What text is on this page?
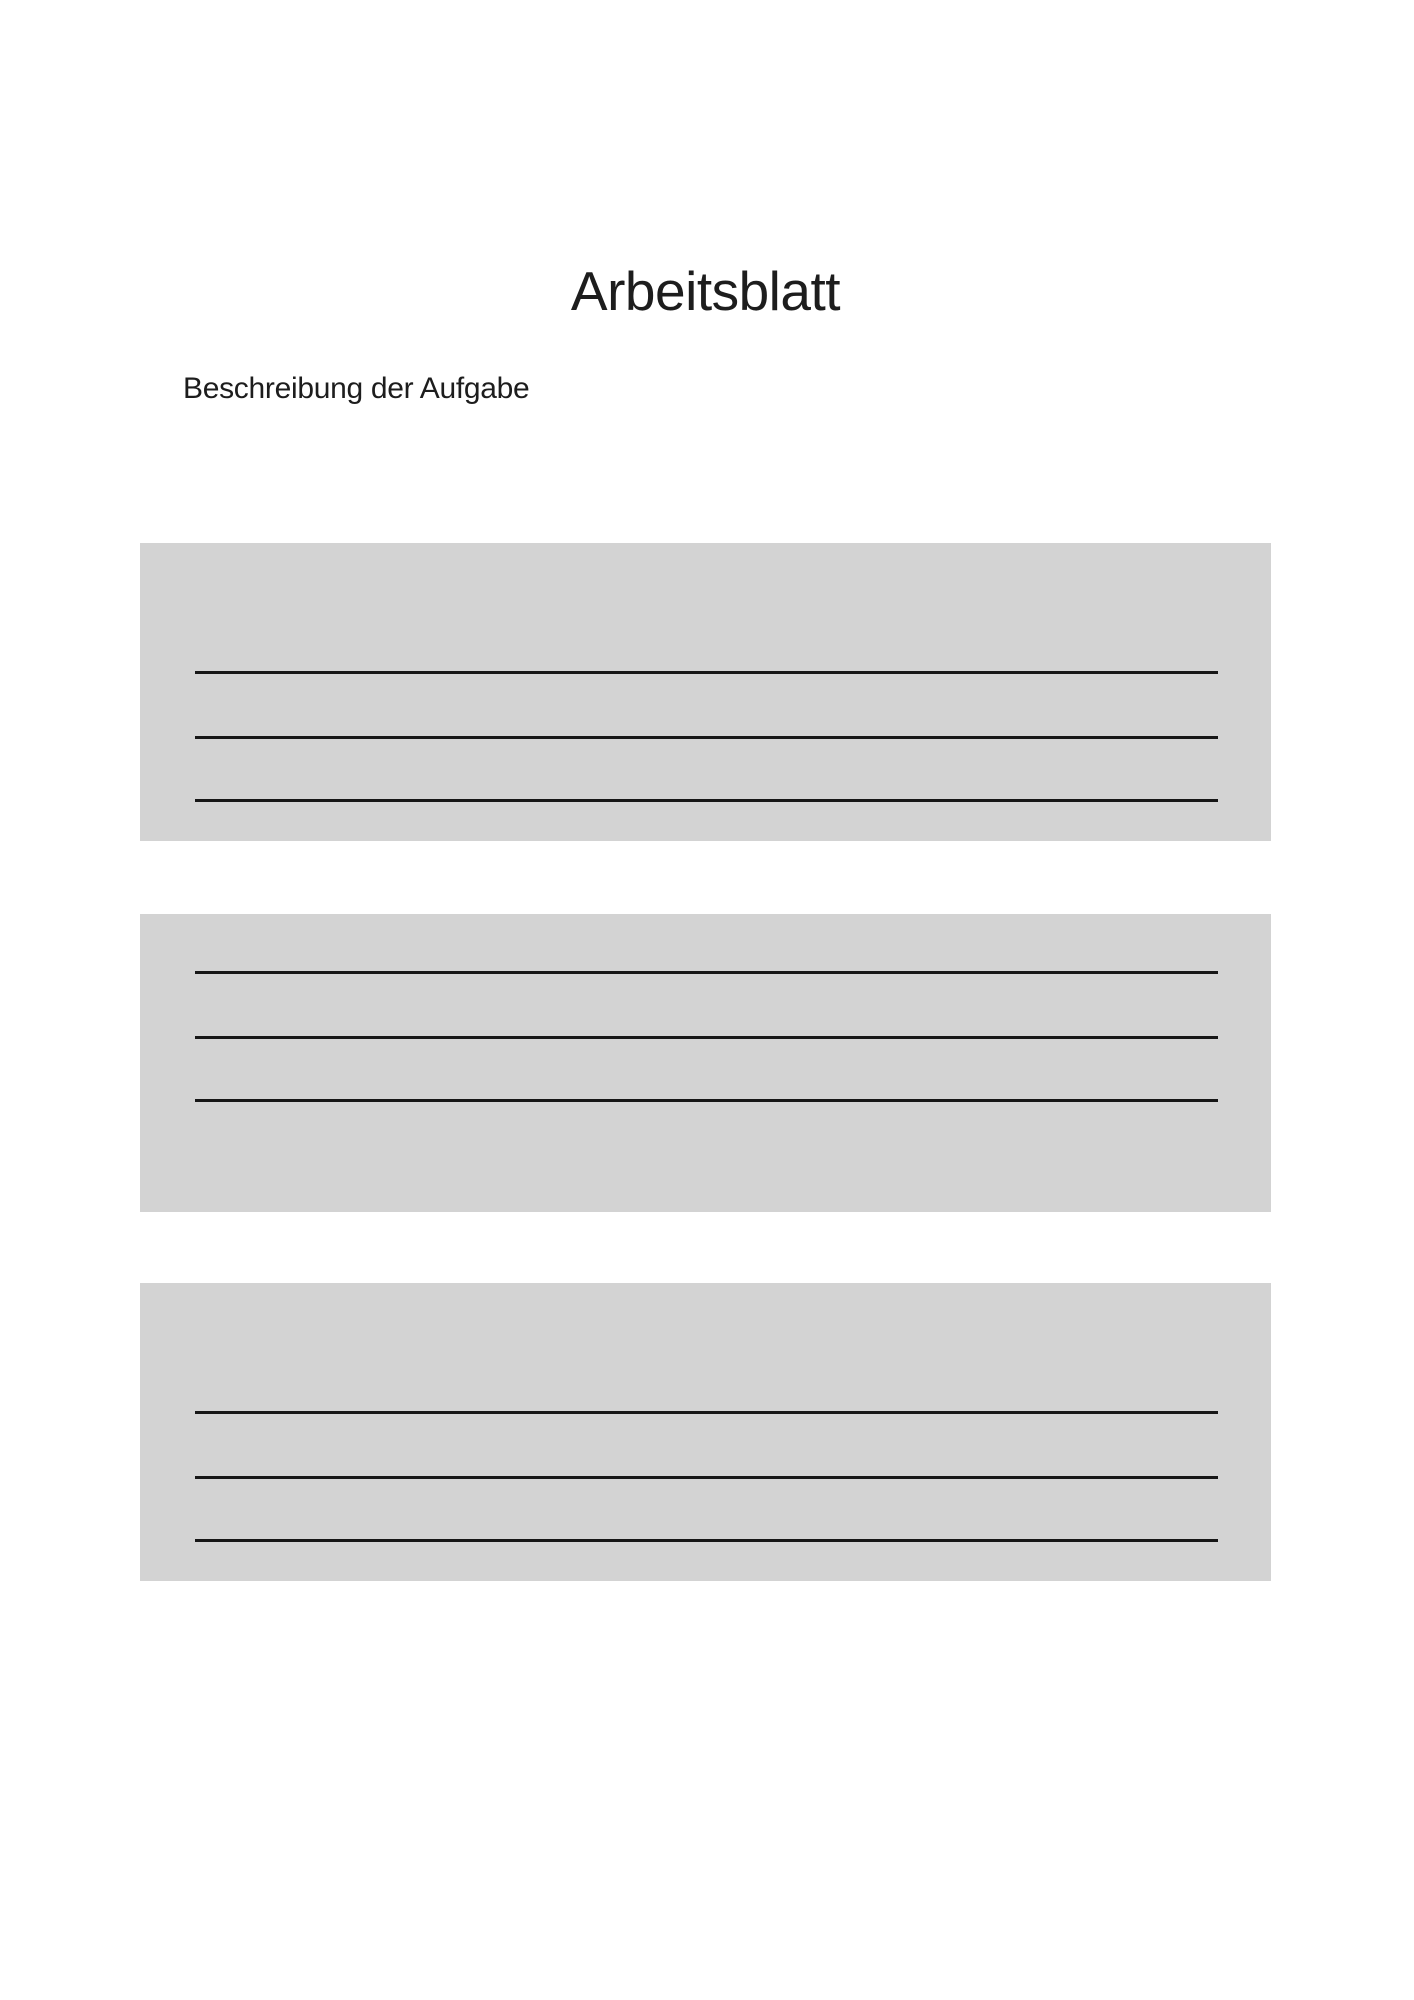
Arbeitsblatt
Beschreibung der Aufgabe
